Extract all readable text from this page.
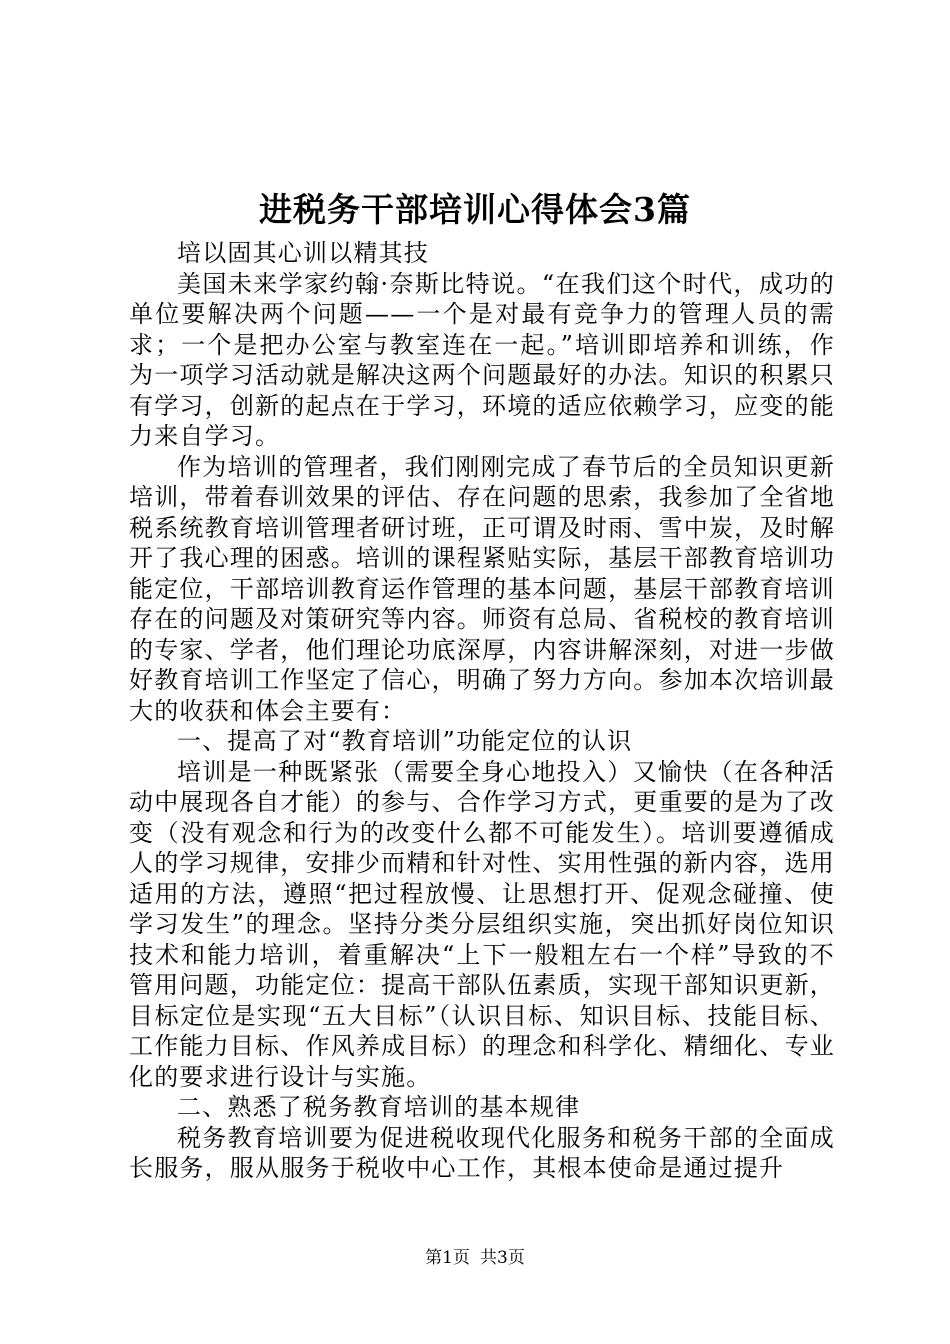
进税务干部培训心得体会3篇

培以固其心训以精其技

美国未来学家约翰·奈斯比特说。“在我们这个时代，成功的单位要解决两个问题——一个是对最有竞争力的管理人员的需求；一个是把办公室与教室连在一起。”培训即培养和训练，作为一项学习活动就是解决这两个问题最好的办法。知识的积累只有学习，创新的起点在于学习，环境的适应依赖学习，应变的能力来自学习。

作为培训的管理者，我们刚刚完成了春节后的全员知识更新培训，带着春训效果的评估、存在问题的思索，我参加了全省地税系统教育培训管理者研讨班，正可谓及时雨、雪中炭，及时解开了我心理的困惑。培训的课程紧贴实际，基层干部教育培训功能定位，干部培训教育运作管理的基本问题，基层干部教育培训存在的问题及对策研究等内容。师资有总局、省税校的教育培训的专家、学者，他们理论功底深厚，内容讲解深刻，对进一步做好教育培训工作坚定了信心，明确了努力方向。参加本次培训最大的收获和体会主要有：

一、提高了对“教育培训”功能定位的认识

培训是一种既紧张（需要全身心地投入）又愉快（在各种活动中展现各自才能）的参与、合作学习方式，更重要的是为了改变（没有观念和行为的改变什么都不可能发生）。培训要遵循成人的学习规律，安排少而精和针对性、实用性强的新内容，选用适用的方法，遵照“把过程放慢、让思想打开、促观念碰撞、使学习发生”的理念。坚持分类分层组织实施，突出抓好岗位知识技术和能力培训，着重解决“上下一般粗左右一个样”导致的不管用问题，功能定位：提高干部队伍素质，实现干部知识更新，目标定位是实现“五大目标”（认识目标、知识目标、技能目标、工作能力目标、作风养成目标）的理念和科学化、精细化、专业化的要求进行设计与实施。

二、熟悉了税务教育培训的基本规律

税务教育培训要为促进税收现代化服务和税务干部的全面成长服务，服从服务于税收中心工作，其根本使命是通过提升

第1页 共3页
